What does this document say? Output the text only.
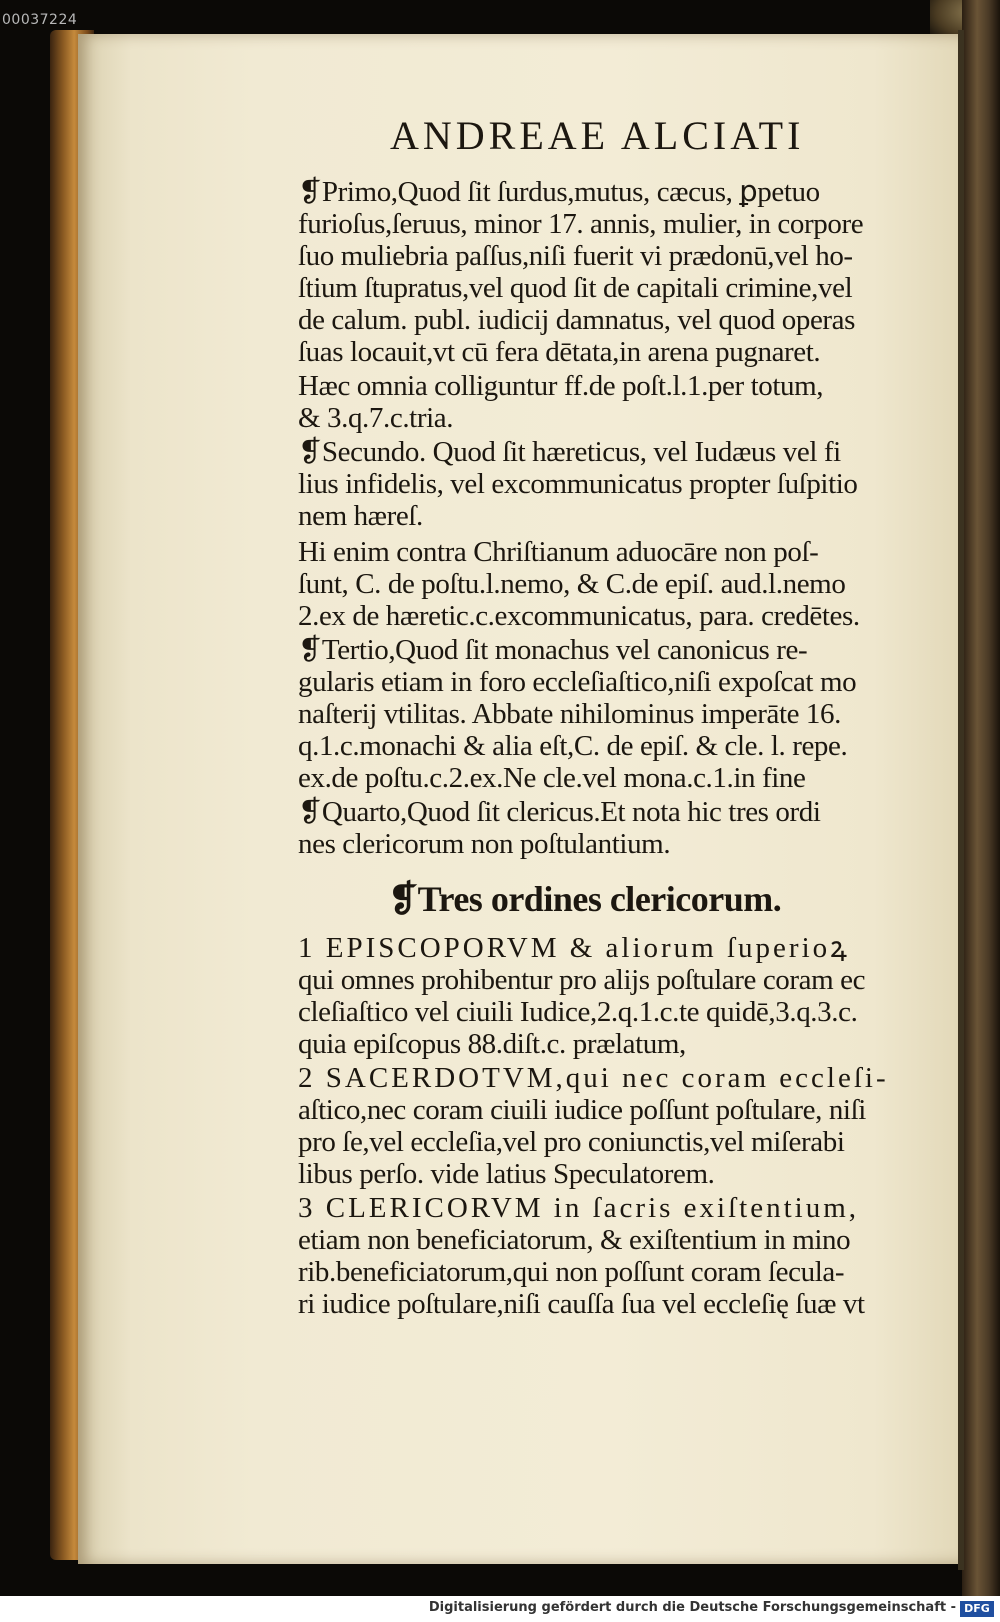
00037224
ANDREAE ALCIATI
❡Primo,Quod ſit ſurdus,mutus, cæcus, ꝑpetuo
furioſus,ſeruus, minor 17. annis, mulier, in corpore
ſuo muliebria paſſus,niſi fuerit vi prædonū,vel ho-
ſtium ſtupratus,vel quod ſit de capitali crimine,vel
de calum. publ. iudicij damnatus, vel quod operas
ſuas locauit,vt cū fera dētata,in arena pugnaret.
Hæc omnia colliguntur ff.de poſt.l.1.per totum,
& 3.q.7.c.tria.
❡Secundo. Quod ſit hæreticus, vel Iudæus vel fi
lius infidelis, vel excommunicatus propter ſuſpitio
nem hæreſ.
Hi enim contra Chriſtianum aduocāre non poſ-
ſunt, C. de poſtu.l.nemo, & C.de epiſ. aud.l.nemo
2.ex de hæretic.c.excommunicatus, para. credētes.
❡Tertio,Quod ſit monachus vel canonicus re-
gularis etiam in foro eccleſiaſtico,niſi expoſcat mo
naſterij vtilitas. Abbate nihilominus imperāte 16.
q.1.c.monachi & alia eſt,C. de epiſ. & cle. l. repe.
ex.de poſtu.c.2.ex.Ne cle.vel mona.c.1.in fine
❡Quarto,Quod ſit clericus.Et nota hic tres ordi
nes clericorum non poſtulantium.
❡Tres ordines clericorum.
1 EPISCOPORVM & aliorum ſuperioꝝ
qui omnes prohibentur pro alijs poſtulare coram ec
cleſiaſtico vel ciuili Iudice,2.q.1.c.te quidē,3.q.3.c.
quia epiſcopus 88.diſt.c. prælatum,
2 SACERDOTVM,qui nec coram eccleſi-
aſtico,nec coram ciuili iudice poſſunt poſtulare, niſi
pro ſe,vel eccleſia,vel pro coniunctis,vel miſerabi
libus perſo. vide latius Speculatorem.
3 CLERICORVM in ſacris exiſtentium,
etiam non beneficiatorum, & exiſtentium in mino
rib.beneficiatorum,qui non poſſunt coram ſecula-
ri iudice poſtulare,niſi cauſſa ſua vel eccleſię ſuæ vt
Digitalisierung gefördert durch die Deutsche Forschungsgemeinschaft - DFG
